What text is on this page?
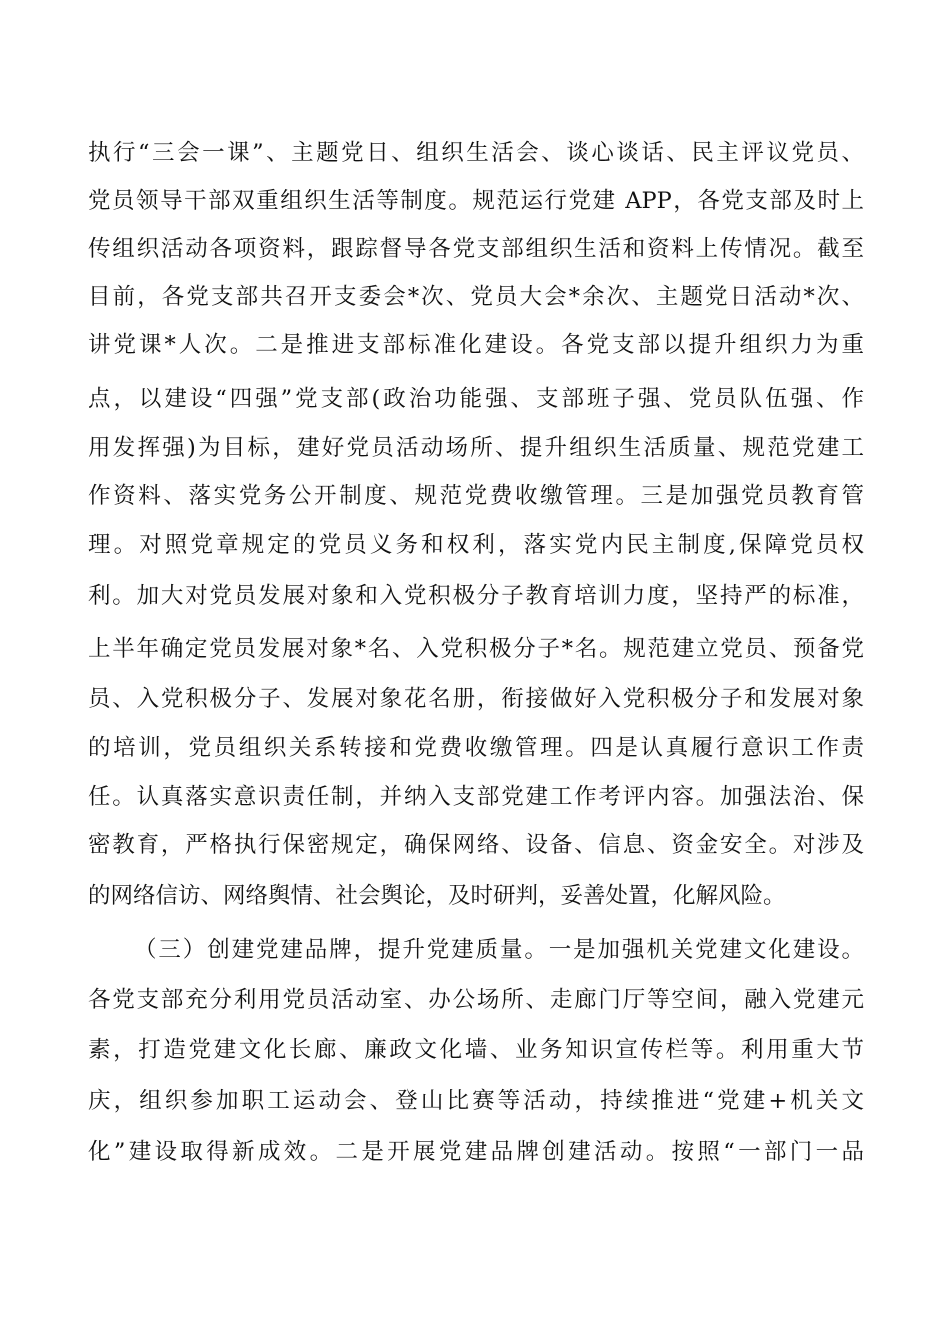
执行“三会一课”、主题党日、组织生活会、谈心谈话、民主评议党员、
党员领导干部双重组织生活等制度。规范运行党建 APP，各党支部及时上
传组织活动各项资料，跟踪督导各党支部组织生活和资料上传情况。截至
目前，各党支部共召开支委会*次、党员大会*余次、主题党日活动*次、
讲党课*人次。二是推进支部标准化建设。各党支部以提升组织力为重
点，以建设“四强”党支部(政治功能强、支部班子强、党员队伍强、作
用发挥强)为目标，建好党员活动场所、提升组织生活质量、规范党建工
作资料、落实党务公开制度、规范党费收缴管理。三是加强党员教育管
理。对照党章规定的党员义务和权利，落实党内民主制度,保障党员权
利。加大对党员发展对象和入党积极分子教育培训力度，坚持严的标准，
上半年确定党员发展对象*名、入党积极分子*名。规范建立党员、预备党
员、入党积极分子、发展对象花名册，衔接做好入党积极分子和发展对象
的培训，党员组织关系转接和党费收缴管理。四是认真履行意识工作责
任。认真落实意识责任制，并纳入支部党建工作考评内容。加强法治、保
密教育，严格执行保密规定，确保网络、设备、信息、资金安全。对涉及
的网络信访、网络舆情、社会舆论，及时研判，妥善处置，化解风险。
（三）创建党建品牌，提升党建质量。一是加强机关党建文化建设。
各党支部充分利用党员活动室、办公场所、走廊门厅等空间，融入党建元
素，打造党建文化长廊、廉政文化墙、业务知识宣传栏等。利用重大节
庆，组织参加职工运动会、登山比赛等活动，持续推进“党建+机关文
化”建设取得新成效。二是开展党建品牌创建活动。按照“一部门一品
